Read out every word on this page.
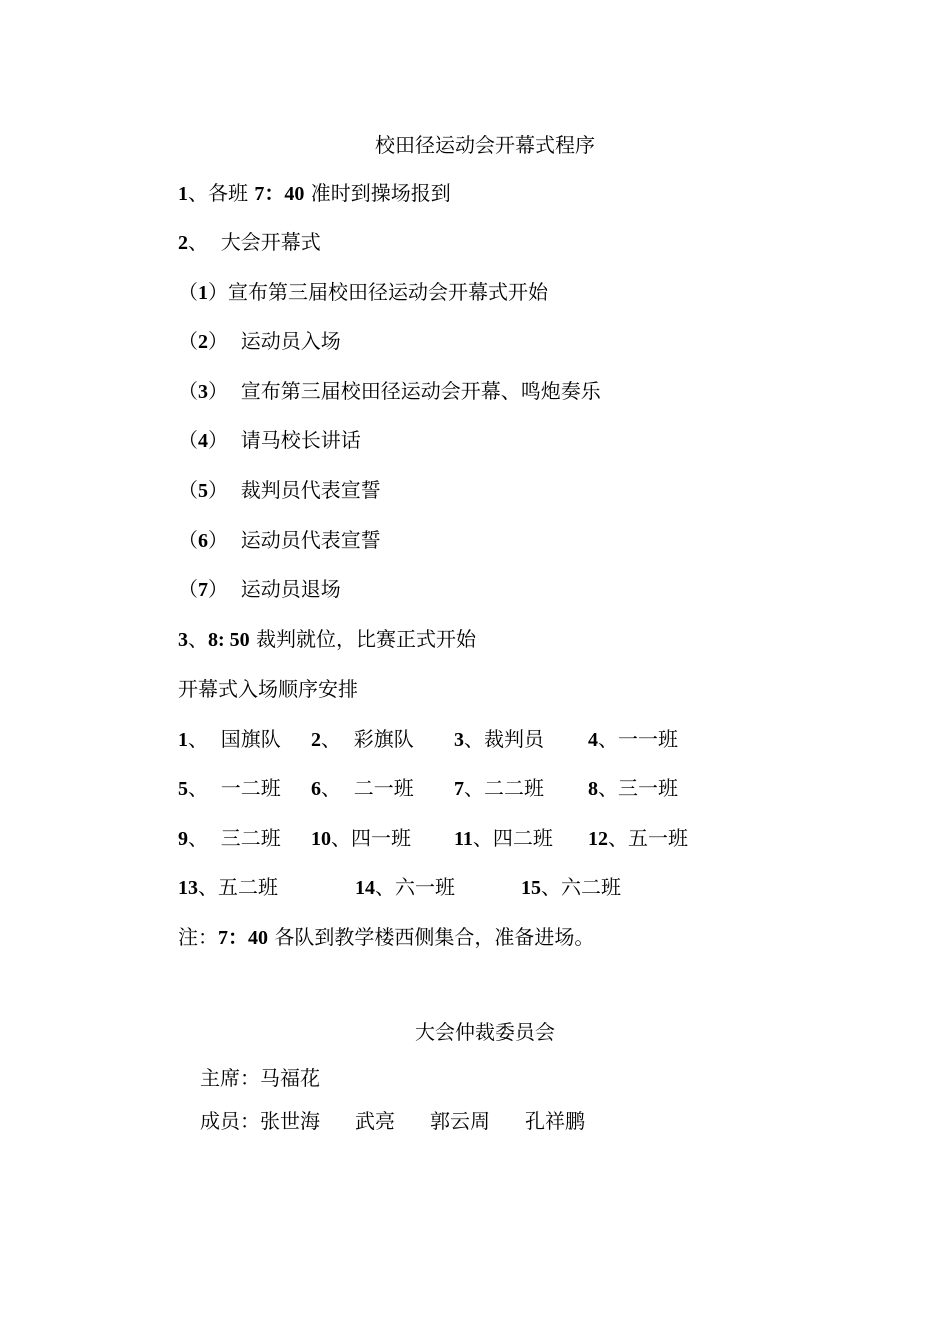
校田径运动会开幕式程序
1、各班 7：40 准时到操场报到
2、  大会开幕式
（1）宣布第三届校田径运动会开幕式开始
（2）  运动员入场
（3）  宣布第三届校田径运动会开幕、鸣炮奏乐
（4）  请马校长讲话
（5）  裁判员代表宣誓
（6）  运动员代表宣誓
（7）  运动员退场
3、8: 50 裁判就位，比赛正式开始
开幕式入场顺序安排
1、  国旗队 2、  彩旗队 3、裁判员 4、一一班
5、  一二班 6、  二一班 7、二二班 8、三一班
9、  三二班 10、四一班 11、四二班 12、五一班
13、五二班	14、六一班	15、六二班
注：7：40 各队到教学楼西侧集合，准备进场。
大会仲裁委员会
主席：马福花
成员：张世海 武亮 郭云周 孔祥鹏
